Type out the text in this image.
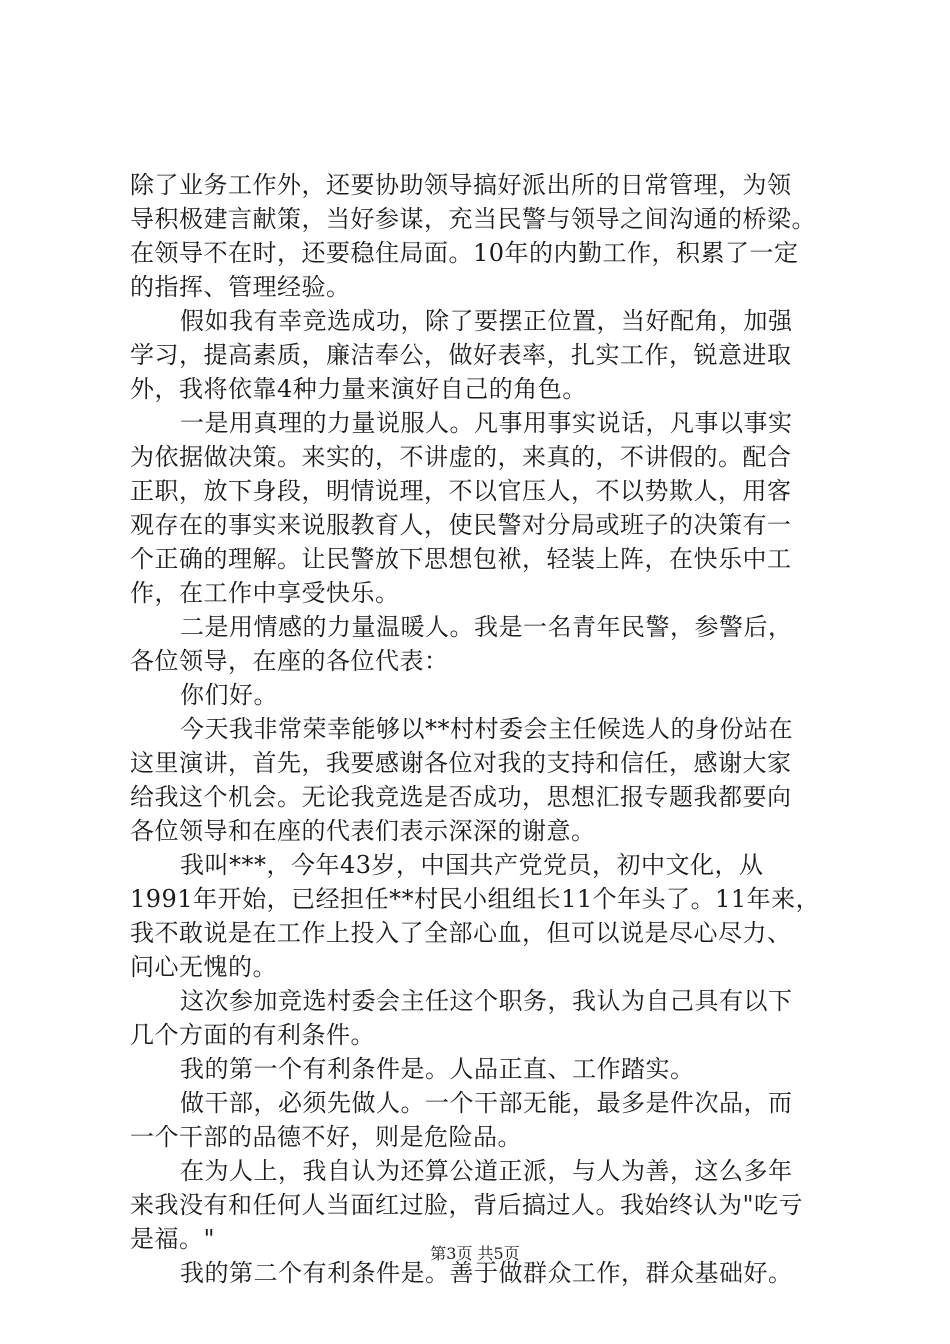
除了业务工作外，还要协助领导搞好派出所的日常管理，为领
导积极建言献策，当好参谋，充当民警与领导之间沟通的桥梁。
在领导不在时，还要稳住局面。10年的内勤工作，积累了一定
的指挥、管理经验。
假如我有幸竞选成功，除了要摆正位置，当好配角，加强
学习，提高素质，廉洁奉公，做好表率，扎实工作，锐意进取
外，我将依靠4种力量来演好自己的角色。
一是用真理的力量说服人。凡事用事实说话，凡事以事实
为依据做决策。来实的，不讲虚的，来真的，不讲假的。配合
正职，放下身段，明情说理，不以官压人，不以势欺人，用客
观存在的事实来说服教育人，使民警对分局或班子的决策有一
个正确的理解。让民警放下思想包袱，轻装上阵，在快乐中工
作，在工作中享受快乐。
二是用情感的力量温暖人。我是一名青年民警，参警后，
各位领导，在座的各位代表：
你们好。
今天我非常荣幸能够以**村村委会主任候选人的身份站在
这里演讲，首先，我要感谢各位对我的支持和信任，感谢大家
给我这个机会。无论我竞选是否成功，思想汇报专题我都要向
各位领导和在座的代表们表示深深的谢意。
我叫***，今年43岁，中国共产党党员，初中文化，从
1991年开始，已经担任**村民小组组长11个年头了。11年来，
我不敢说是在工作上投入了全部心血，但可以说是尽心尽力、
问心无愧的。
这次参加竞选村委会主任这个职务，我认为自己具有以下
几个方面的有利条件。
我的第一个有利条件是。人品正直、工作踏实。
做干部，必须先做人。一个干部无能，最多是件次品，而
一个干部的品德不好，则是危险品。
在为人上，我自认为还算公道正派，与人为善，这么多年
来我没有和任何人当面红过脸，背后搞过人。我始终认为"吃亏
是福。"
我的第二个有利条件是。善于做群众工作，群众基础好。
第3页 共5页
